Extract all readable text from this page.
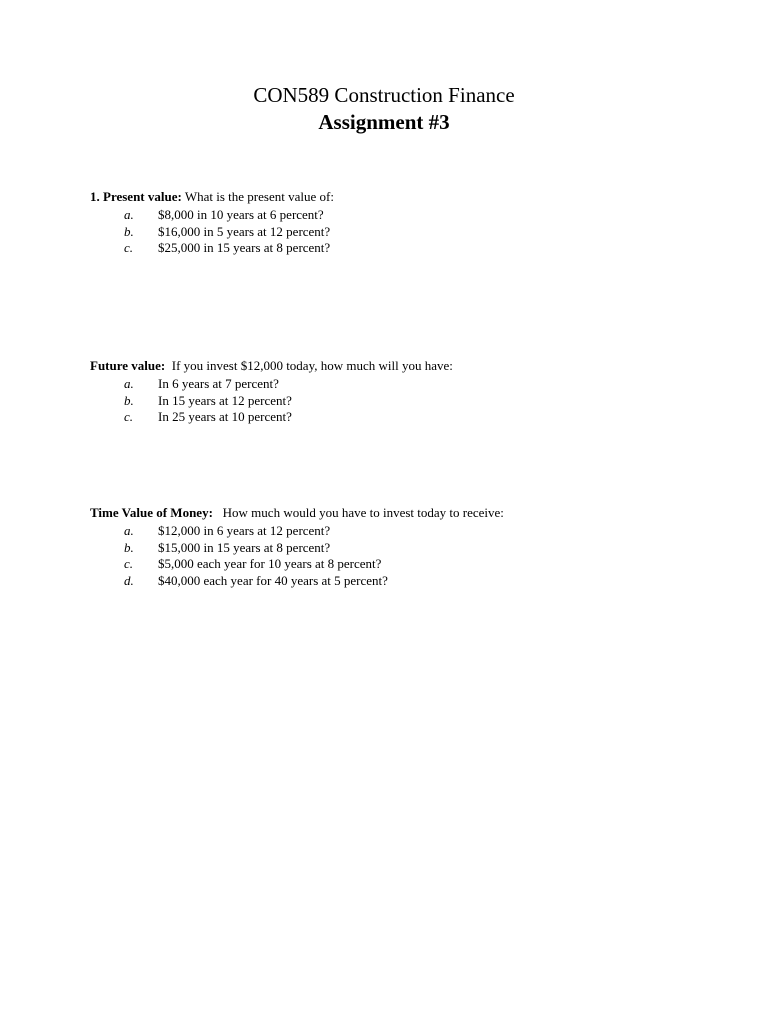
CON589 Construction Finance

Assignment #3

1. Present value: What is the present value of:

a.	$8,000 in 10 years at 6 percent?
b.	$16,000 in 5 years at 12 percent?
c.	$25,000 in 15 years at 8 percent?

Future value:  If you invest $12,000 today, how much will you have:

a.	In 6 years at 7 percent?
b.	In 15 years at 12 percent?
c.	In 25 years at 10 percent?

Time Value of Money:   How much would you have to invest today to receive:

a.	$12,000 in 6 years at 12 percent?
b.	$15,000 in 15 years at 8 percent?
c.	$5,000 each year for 10 years at 8 percent?
d.	$40,000 each year for 40 years at 5 percent?
